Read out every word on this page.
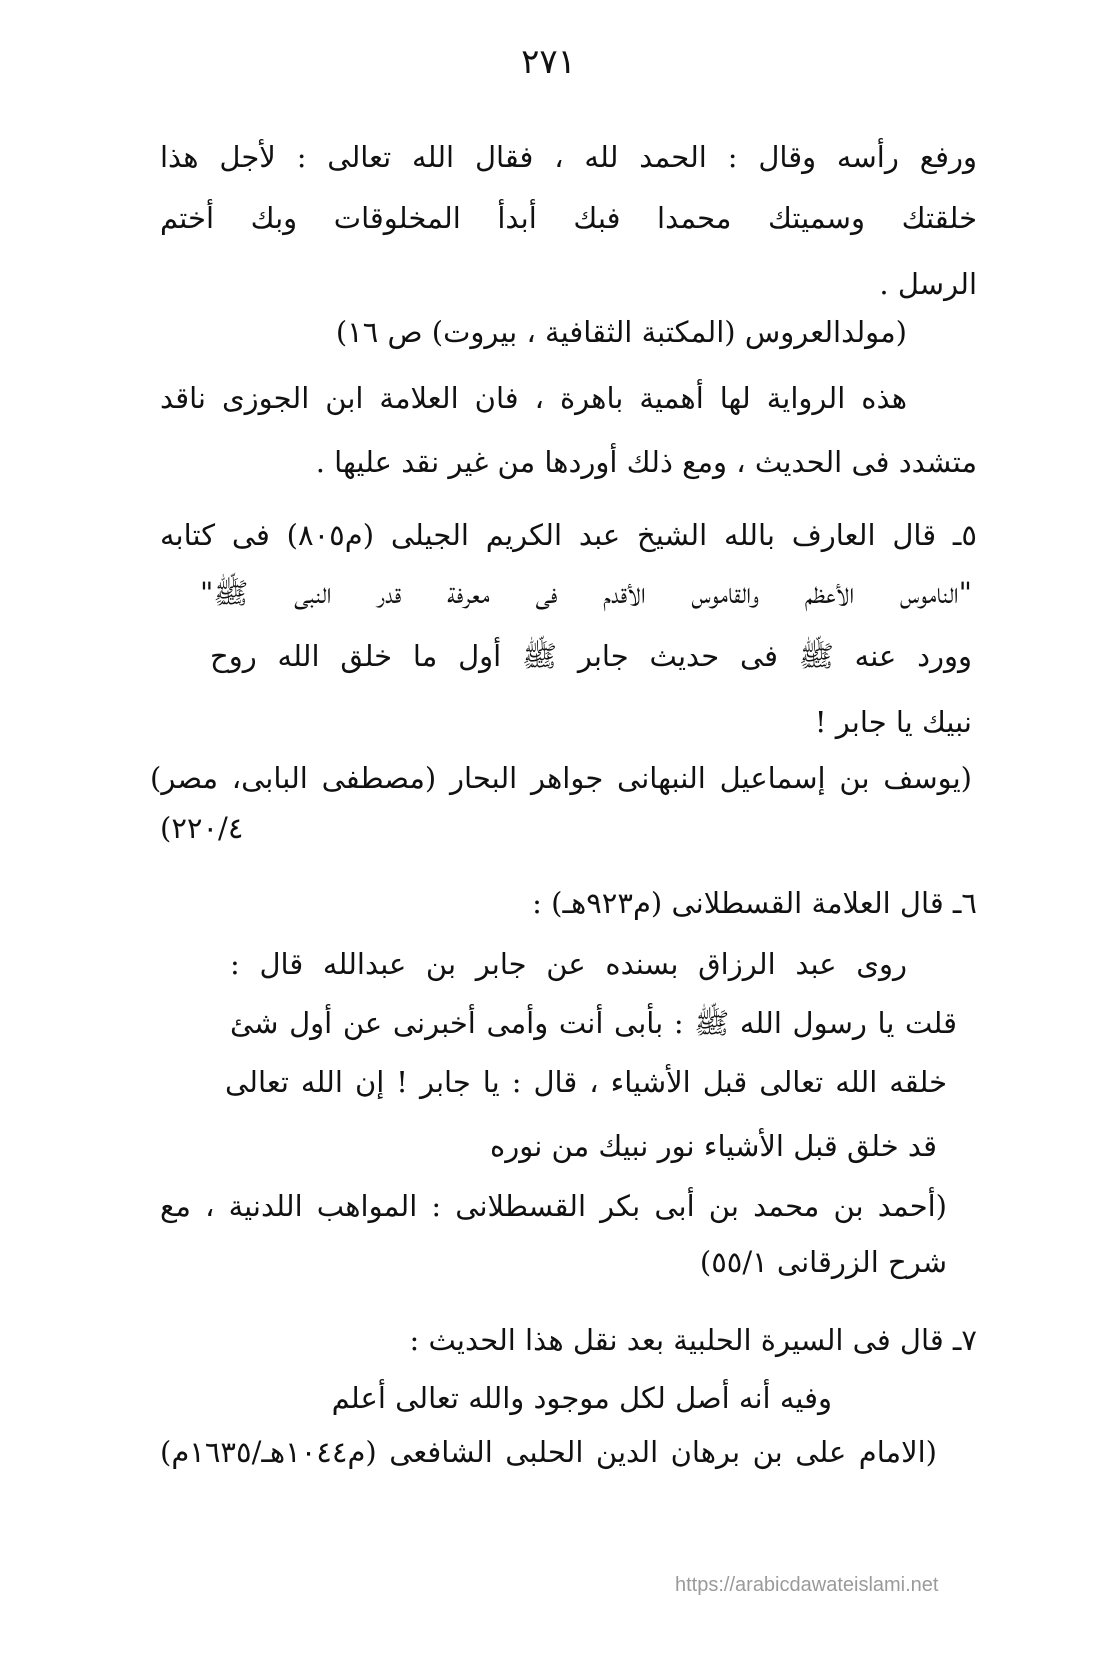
٢٧١
ورفع رأسه وقال : الحمد لله ، فقال الله تعالى : لأجل هذا
خلقتك وسميتك محمدا فبك أبدأ المخلوقات وبك أختم
الرسل .
(مولدالعروس (المكتبة الثقافية ، بيروت) ص ١٦)
هذه الرواية لها أهمية باهرة ، فان العلامة ابن الجوزى ناقد
متشدد فى الحديث ، ومع ذلك أوردها من غير نقد عليها .
٥ـ قال العارف بالله الشيخ عبد الكريم الجيلى (م٨٠٥) فى كتابه
"الناموس الأعظم والقاموس الأقدم فى معرفة قدر النبى ﷺ"
وورد عنه ﷺ فى حديث جابر ﷺ أول ما خلق الله روح
نبيك يا جابر !
(يوسف بن إسماعيل النبهانى جواهر البحار (مصطفى البابى، مصر)
٢٢٠/٤)
٦ـ قال العلامة القسطلانى (م٩٢٣هـ) :
روى عبد الرزاق بسنده عن جابر بن عبدالله قال :
قلت يا رسول الله ﷺ : بأبى أنت وأمى أخبرنى عن أول شئ
خلقه الله تعالى قبل الأشياء ، قال : يا جابر ! إن الله تعالى
قد خلق قبل الأشياء نور نبيك من نوره
(أحمد بن محمد بن أبى بكر القسطلانى : المواهب اللدنية ، مع
شرح الزرقانى ٥٥/١)
٧ـ قال فى السيرة الحلبية بعد نقل هذا الحديث :
وفيه أنه أصل لكل موجود والله تعالى أعلم
(الامام على بن برهان الدين الحلبى الشافعى (م١٠٤٤هـ/١٦٣٥م)
https://arabicdawateislami.net
